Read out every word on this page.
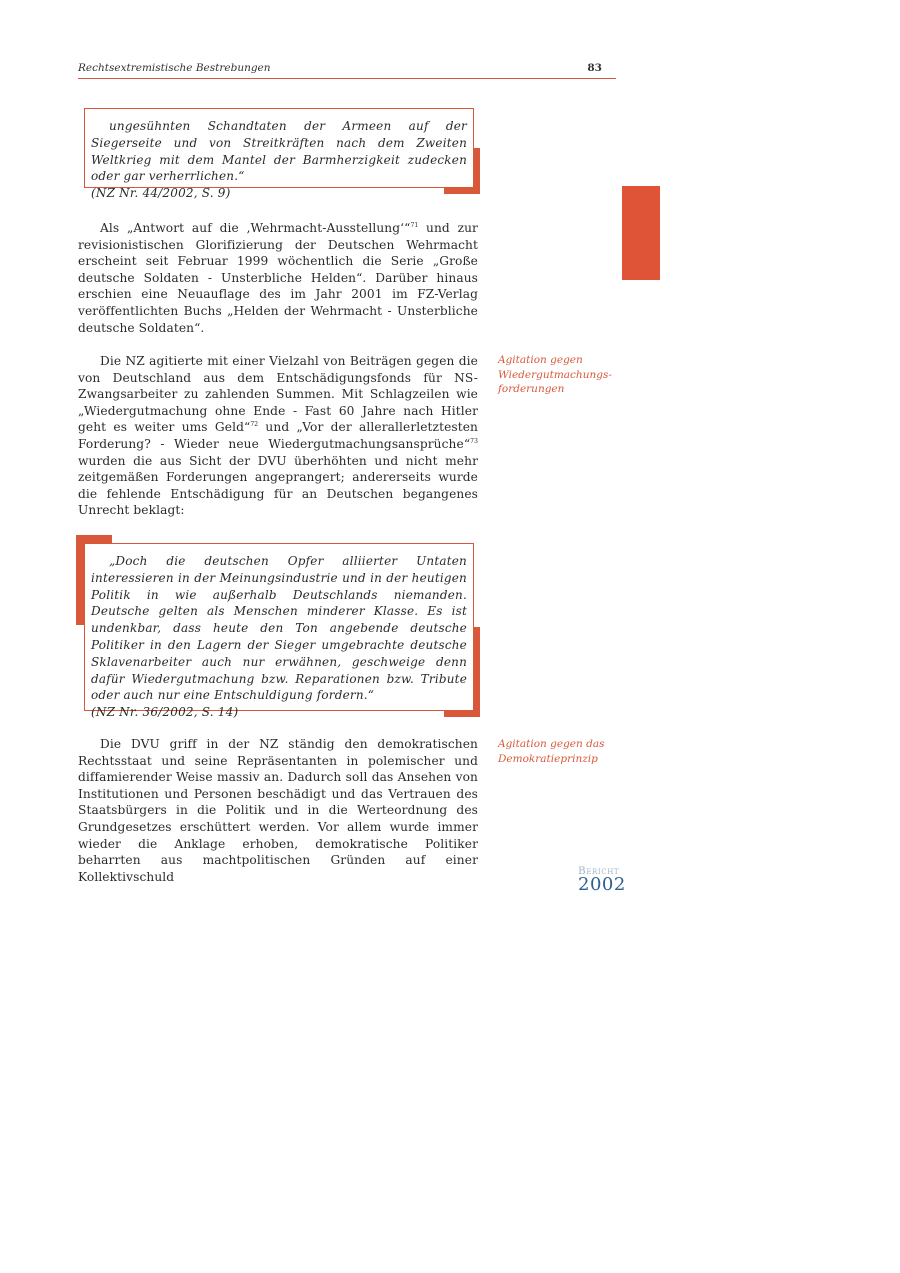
Rechtsextremistische Bestrebungen	83

ungesühnten Schandtaten der Armeen auf der Siegerseite und von Streitkräften nach dem Zweiten Weltkrieg mit dem Mantel der Barmherzigkeit zudecken oder gar verherrlichen.“

(NZ Nr. 44/2002, S. 9)

Als „Antwort auf die ‚Wehrmacht-Ausstellung‘“$^{71}$ und zur revisionistischen Glorifizierung der Deutschen Wehrmacht erscheint seit Februar 1999 wöchentlich die Serie „Große deutsche Soldaten - Unsterbliche Helden“. Darüber hinaus erschien eine Neuauflage des im Jahr 2001 im FZ-Verlag veröffentlichten Buchs „Helden der Wehrmacht - Unsterbliche deutsche Soldaten“.

Agitation gegen Wiedergutmachungs-forderungen

Die NZ agitierte mit einer Vielzahl von Beiträgen gegen die von Deutschland aus dem Entschädigungsfonds für NS-Zwangsarbeiter zu zahlenden Summen. Mit Schlagzeilen wie „Wiedergutmachung ohne Ende - Fast 60 Jahre nach Hitler geht es weiter ums Geld“$^{72}$ und „Vor der allerallerletztesten Forderung? - Wieder neue Wiedergutmachungsansprüche“$^{73}$ wurden die aus Sicht der DVU überhöhten und nicht mehr zeitgemäßen Forderungen angeprangert; andererseits wurde die fehlende Entschädigung für an Deutschen begangenes Unrecht beklagt:

„Doch die deutschen Opfer alliierter Untaten interessieren in der Meinungsindustrie und in der heutigen Politik in wie außerhalb Deutschlands niemanden. Deutsche gelten als Menschen minderer Klasse. Es ist undenkbar, dass heute den Ton angebende deutsche Politiker in den Lagern der Sieger umgebrachte deutsche Sklavenarbeiter auch nur erwähnen, geschweige denn dafür Wiedergutmachung bzw. Reparationen bzw. Tribute oder auch nur eine Entschuldigung fordern.“

(NZ Nr. 36/2002, S. 14)

Agitation gegen das Demokratieprinzip

Die DVU griff in der NZ ständig den demokratischen Rechtsstaat und seine Repräsentanten in polemischer und diffamierender Weise massiv an. Dadurch soll das Ansehen von Institutionen und Personen beschädigt und das Vertrauen des Staatsbürgers in die Politik und in die Werteordnung des Grundgesetzes erschüttert werden. Vor allem wurde immer wieder die Anklage erhoben, demokratische Politiker beharrten aus machtpolitischen Gründen auf einer Kollektivschuld	Bericht
2002
